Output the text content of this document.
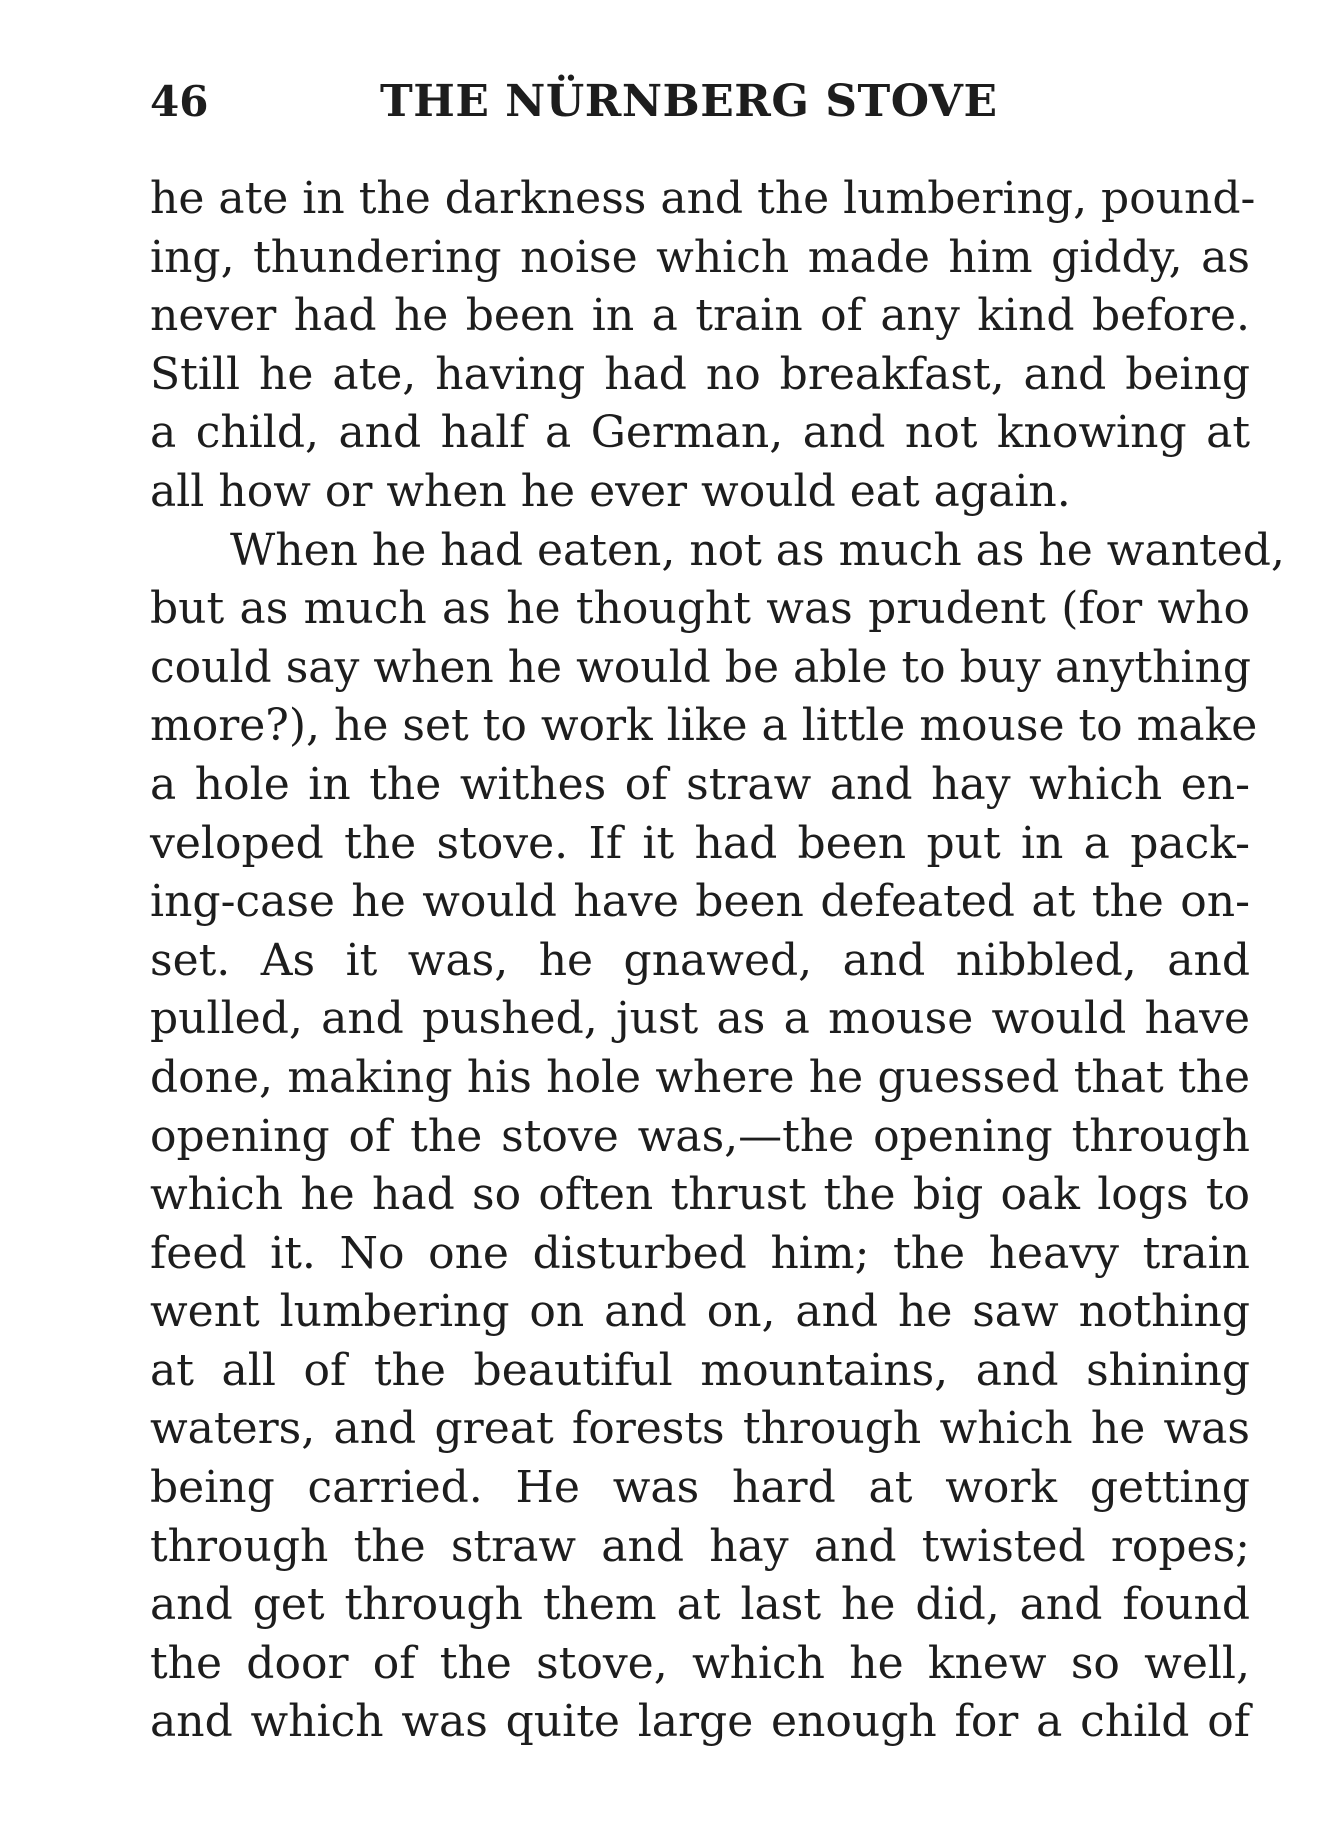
46	THE NÜRNBERG STOVE
he ate in the darkness and the lumbering, pound-
ing, thundering noise which made him giddy, as
never had he been in a train of any kind before.
Still he ate, having had no breakfast, and being
a child, and half a German, and not knowing at
all how or when he ever would eat again.
When he had eaten, not as much as he wanted,
but as much as he thought was prudent (for who
could say when he would be able to buy anything
more?), he set to work like a little mouse to make
a hole in the withes of straw and hay which en-
veloped the stove. If it had been put in a pack-
ing-case he would have been defeated at the on-
set. As it was, he gnawed, and nibbled, and
pulled, and pushed, just as a mouse would have
done, making his hole where he guessed that the
opening of the stove was,—the opening through
which he had so often thrust the big oak logs to
feed it. No one disturbed him; the heavy train
went lumbering on and on, and he saw nothing
at all of the beautiful mountains, and shining
waters, and great forests through which he was
being carried. He was hard at work getting
through the straw and hay and twisted ropes;
and get through them at last he did, and found
the door of the stove, which he knew so well,
and which was quite large enough for a child of
